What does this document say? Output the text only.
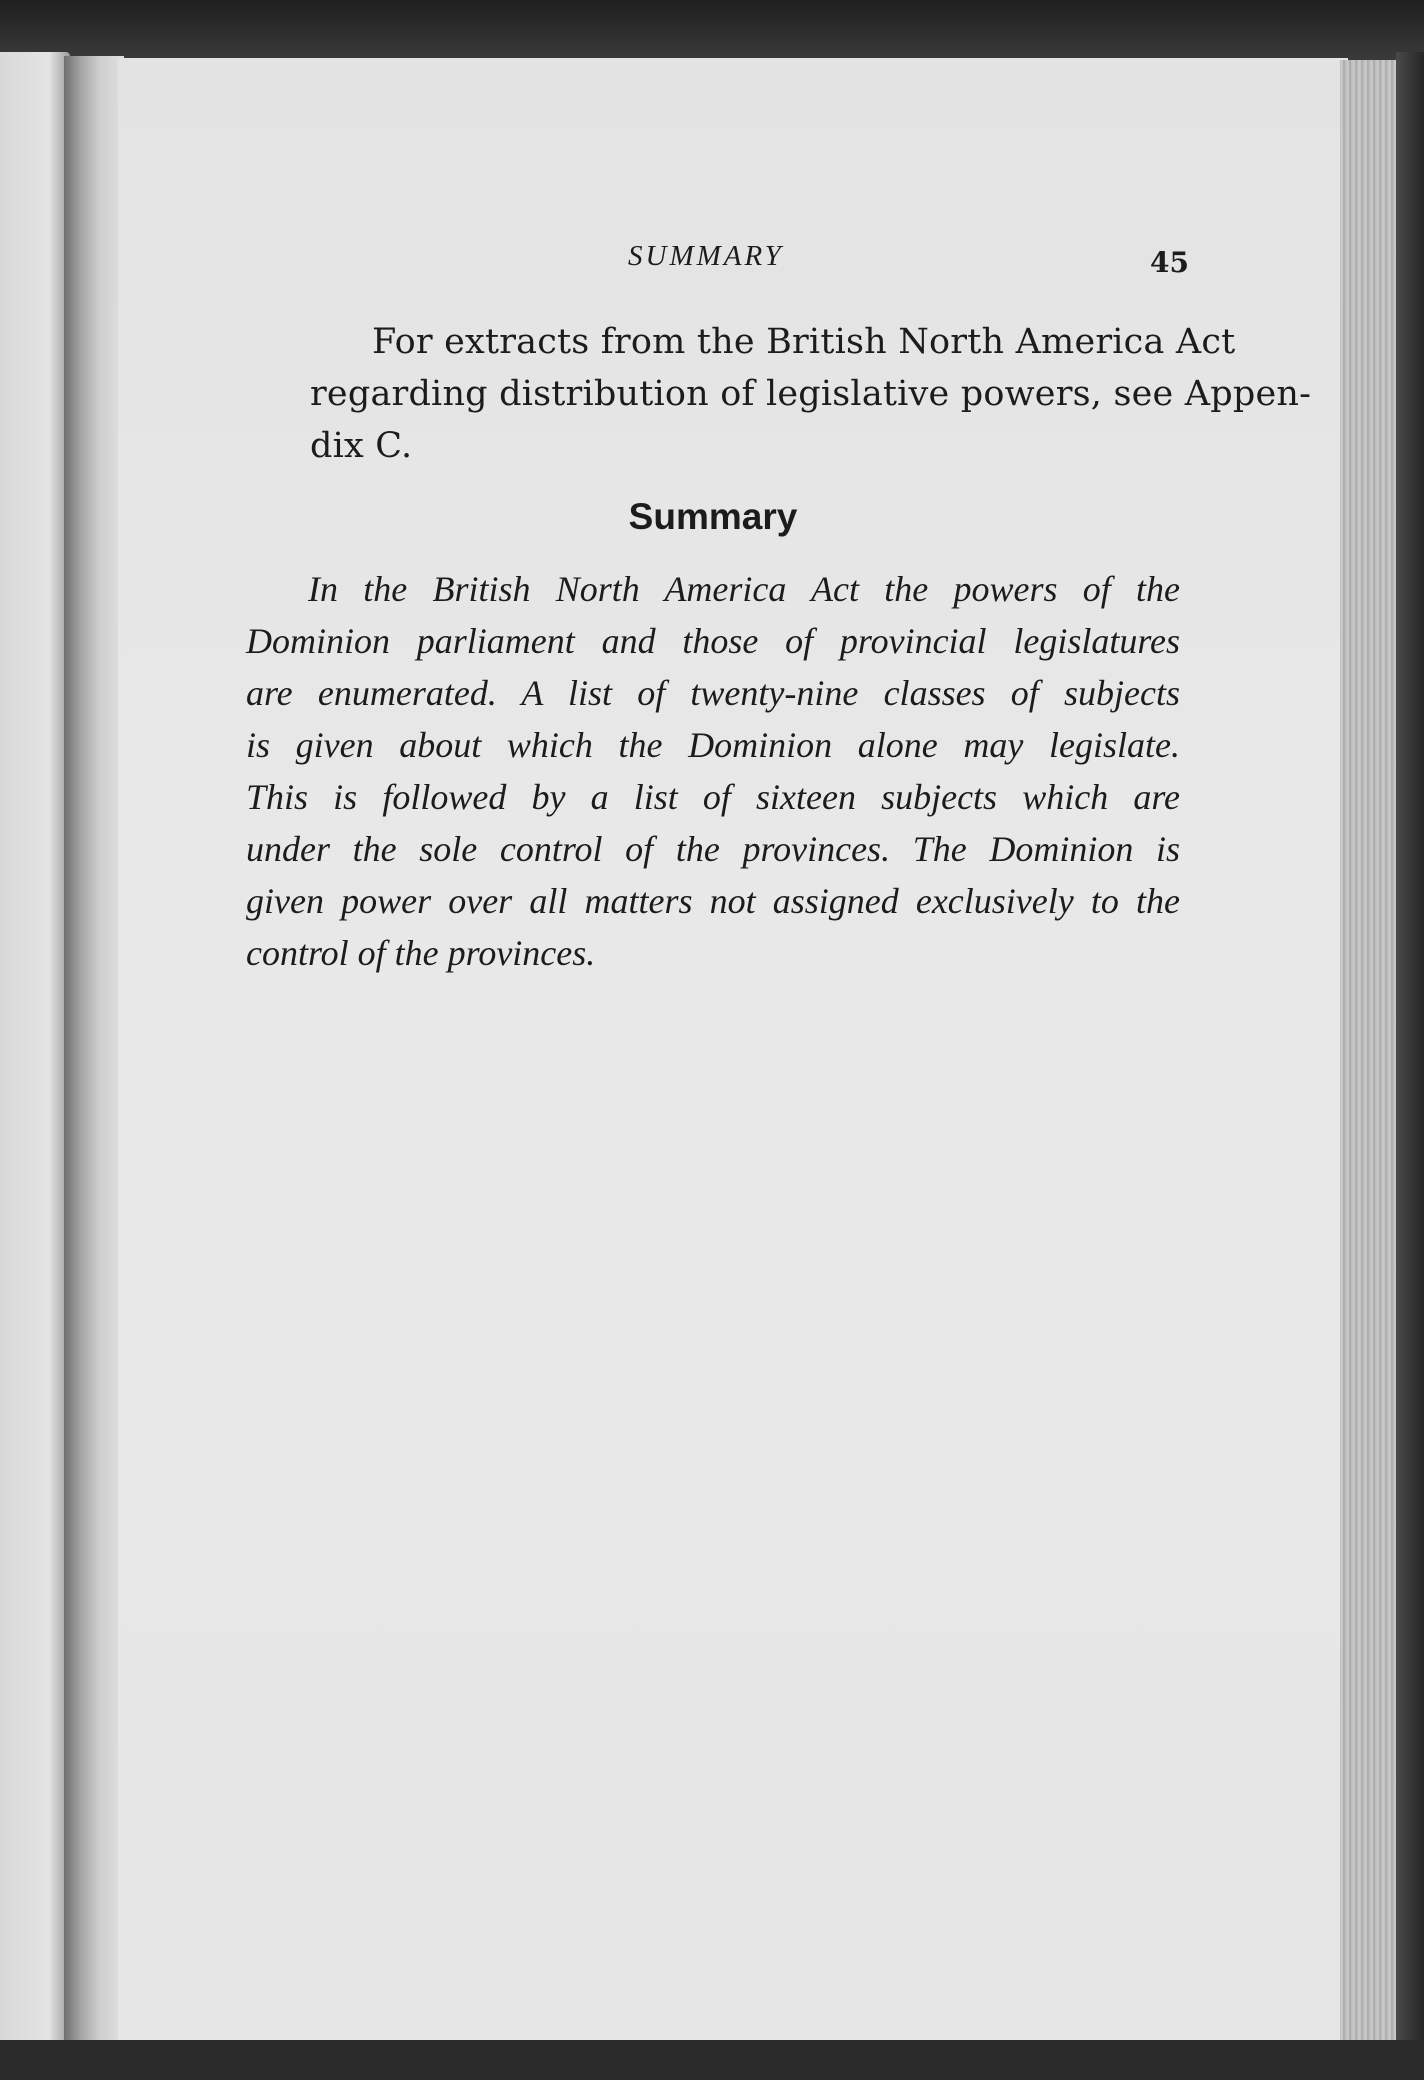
SUMMARY	45
For extracts from the British North America Act
regarding distribution of legislative powers, see Appen-
dix C.
Summary
In the British North America Act the powers of the
Dominion parliament and those of provincial legislatures
are enumerated. A list of twenty-nine classes of subjects
is given about which the Dominion alone may legislate.
This is followed by a list of sixteen subjects which are
under the sole control of the provinces. The Dominion is
given power over all matters not assigned exclusively to the
control of the provinces.
